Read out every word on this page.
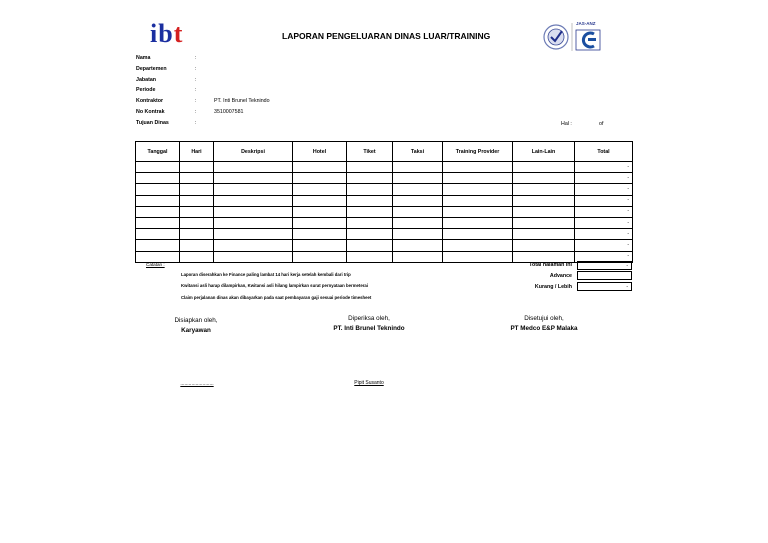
ibt	LAPORAN PENGELUARAN DINAS LUAR/TRAINING
JAS-ANZ
Nama	:
Departemen	:
Jabatan	:
Periode	:
Kontraktor	:	PT. Inti Brunel Teknindo
No Kontrak	:	3510007581
Tujuan Dinas	:	Hal :	of
Tanggal	Hari	Deskripsi	Hotel	Tiket	Taksi	Training Provider	Lain-Lain	Total
								-
								-
								-
								-
								-
								-
								-
								-
								-
Total halaman ini	-
Advance
Kurang / Lebih	-
Catatan :
Laporan diserahkan ke Finance paling lambat 14 hari kerja setelah kembali dari trip
Kwitansi asli harap dilampirkan, Kwitansi asli hilang lampirkan surat pernyataan bermeterai
Claim perjalanan dinas akan dibayarkan pada saat pembayaran gaji sesuai periode timesheet
Disiapkan oleh,
Karyawan
Diperiksa oleh,
PT. Inti Brunel Teknindo
Disetujui oleh,
PT Medco E&P Malaka
........................	Pipit Susanto
